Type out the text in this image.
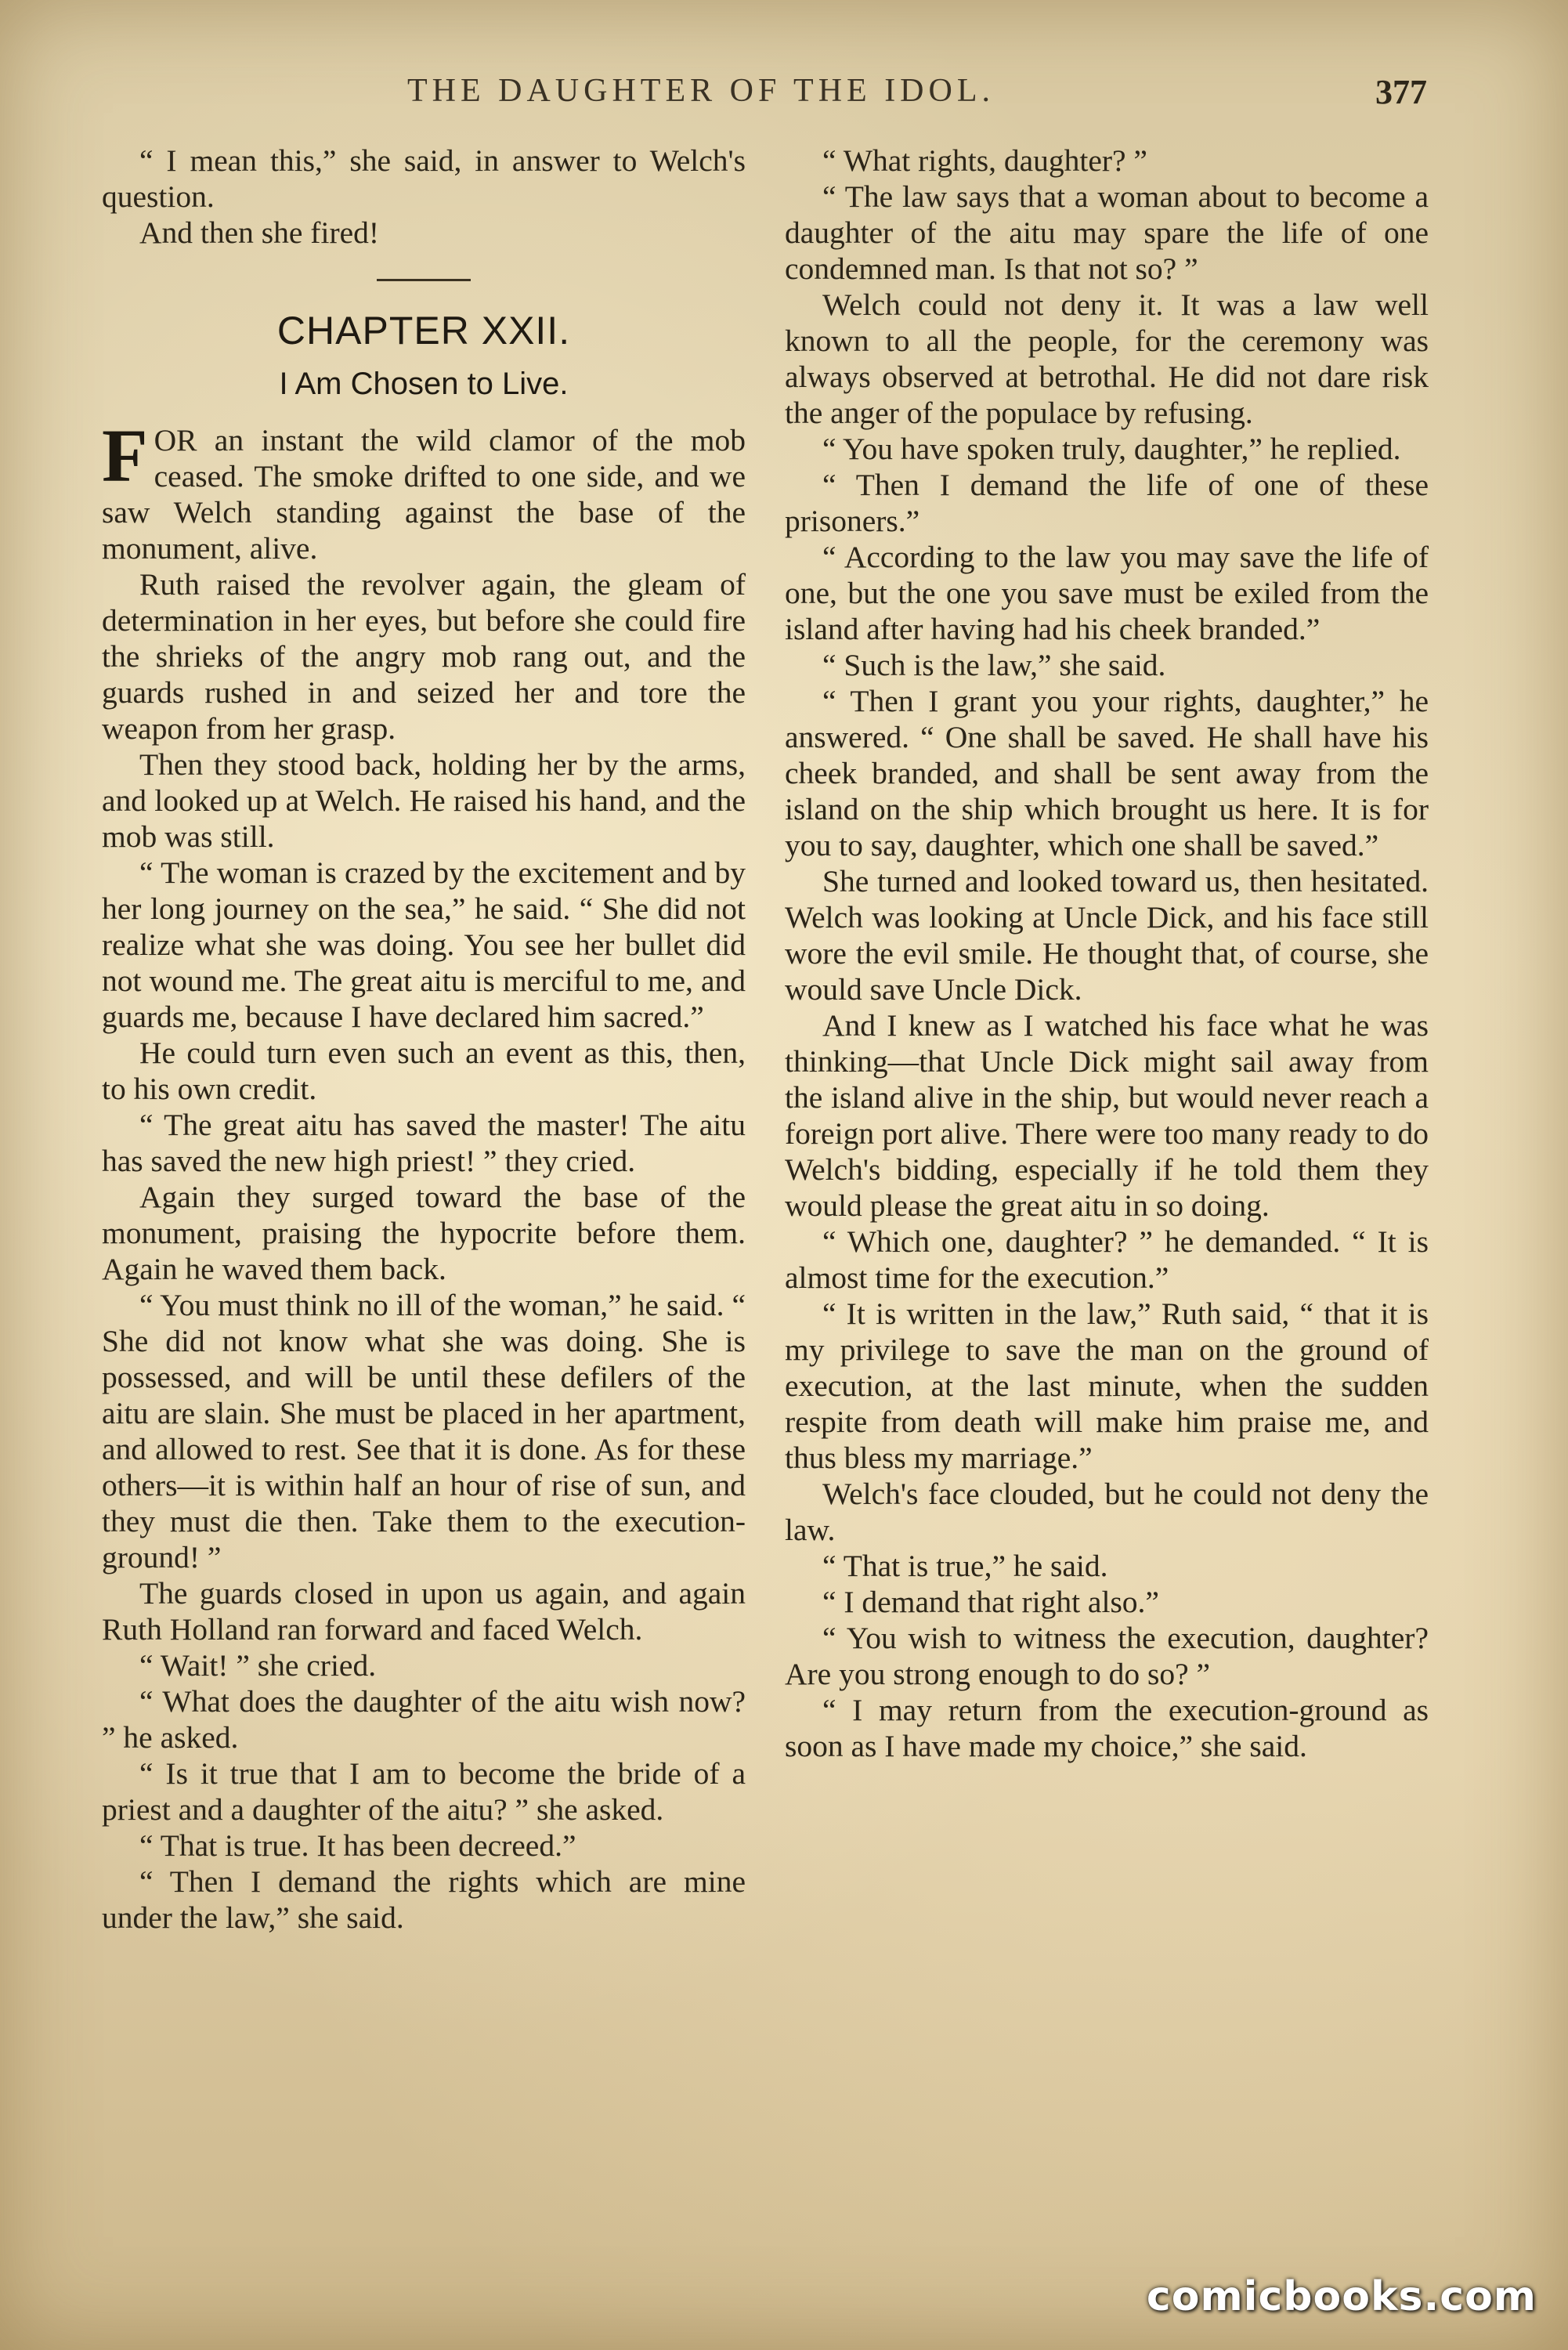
THE DAUGHTER OF THE IDOL.	377

“ I mean this,” she said, in answer to Welch's question.

And then she fired!

CHAPTER XXII.
I Am Chosen to Live.

FOR an instant the wild clamor of the mob ceased. The smoke drifted to one side, and we saw Welch standing against the base of the monument, alive.

Ruth raised the revolver again, the gleam of determination in her eyes, but before she could fire the shrieks of the angry mob rang out, and the guards rushed in and seized her and tore the weapon from her grasp.

Then they stood back, holding her by the arms, and looked up at Welch. He raised his hand, and the mob was still.

“ The woman is crazed by the excitement and by her long journey on the sea,” he said. “ She did not realize what she was doing. You see her bullet did not wound me. The great aitu is merciful to me, and guards me, because I have declared him sacred.”

He could turn even such an event as this, then, to his own credit.

“ The great aitu has saved the master! The aitu has saved the new high priest! ” they cried.

Again they surged toward the base of the monument, praising the hypocrite before them. Again he waved them back.

“ You must think no ill of the woman,” he said. “ She did not know what she was doing. She is possessed, and will be until these defilers of the aitu are slain. She must be placed in her apartment, and allowed to rest. See that it is done. As for these others—it is within half an hour of rise of sun, and they must die then. Take them to the execution-ground! ”

The guards closed in upon us again, and again Ruth Holland ran forward and faced Welch.

“ Wait! ” she cried.

“ What does the daughter of the aitu wish now? ” he asked.

“ Is it true that I am to become the bride of a priest and a daughter of the aitu? ” she asked.

“ That is true. It has been decreed.”

“ Then I demand the rights which are mine under the law,” she said.

“ What rights, daughter? ”

“ The law says that a woman about to become a daughter of the aitu may spare the life of one condemned man. Is that not so? ”

Welch could not deny it. It was a law well known to all the people, for the ceremony was always observed at betrothal. He did not dare risk the anger of the populace by refusing.

“ You have spoken truly, daughter,” he replied.

“ Then I demand the life of one of these prisoners.”

“ According to the law you may save the life of one, but the one you save must be exiled from the island after having had his cheek branded.”

“ Such is the law,” she said.

“ Then I grant you your rights, daughter,” he answered. “ One shall be saved. He shall have his cheek branded, and shall be sent away from the island on the ship which brought us here. It is for you to say, daughter, which one shall be saved.”

She turned and looked toward us, then hesitated. Welch was looking at Uncle Dick, and his face still wore the evil smile. He thought that, of course, she would save Uncle Dick.

And I knew as I watched his face what he was thinking—that Uncle Dick might sail away from the island alive in the ship, but would never reach a foreign port alive. There were too many ready to do Welch's bidding, especially if he told them they would please the great aitu in so doing.

“ Which one, daughter? ” he demanded. “ It is almost time for the execution.”

“ It is written in the law,” Ruth said, “ that it is my privilege to save the man on the ground of execution, at the last minute, when the sudden respite from death will make him praise me, and thus bless my marriage.”

Welch's face clouded, but he could not deny the law.

“ That is true,” he said.

“ I demand that right also.”

“ You wish to witness the execution, daughter? Are you strong enough to do so? ”

“ I may return from the execution-ground as soon as I have made my choice,” she said.

comicbooks.com
